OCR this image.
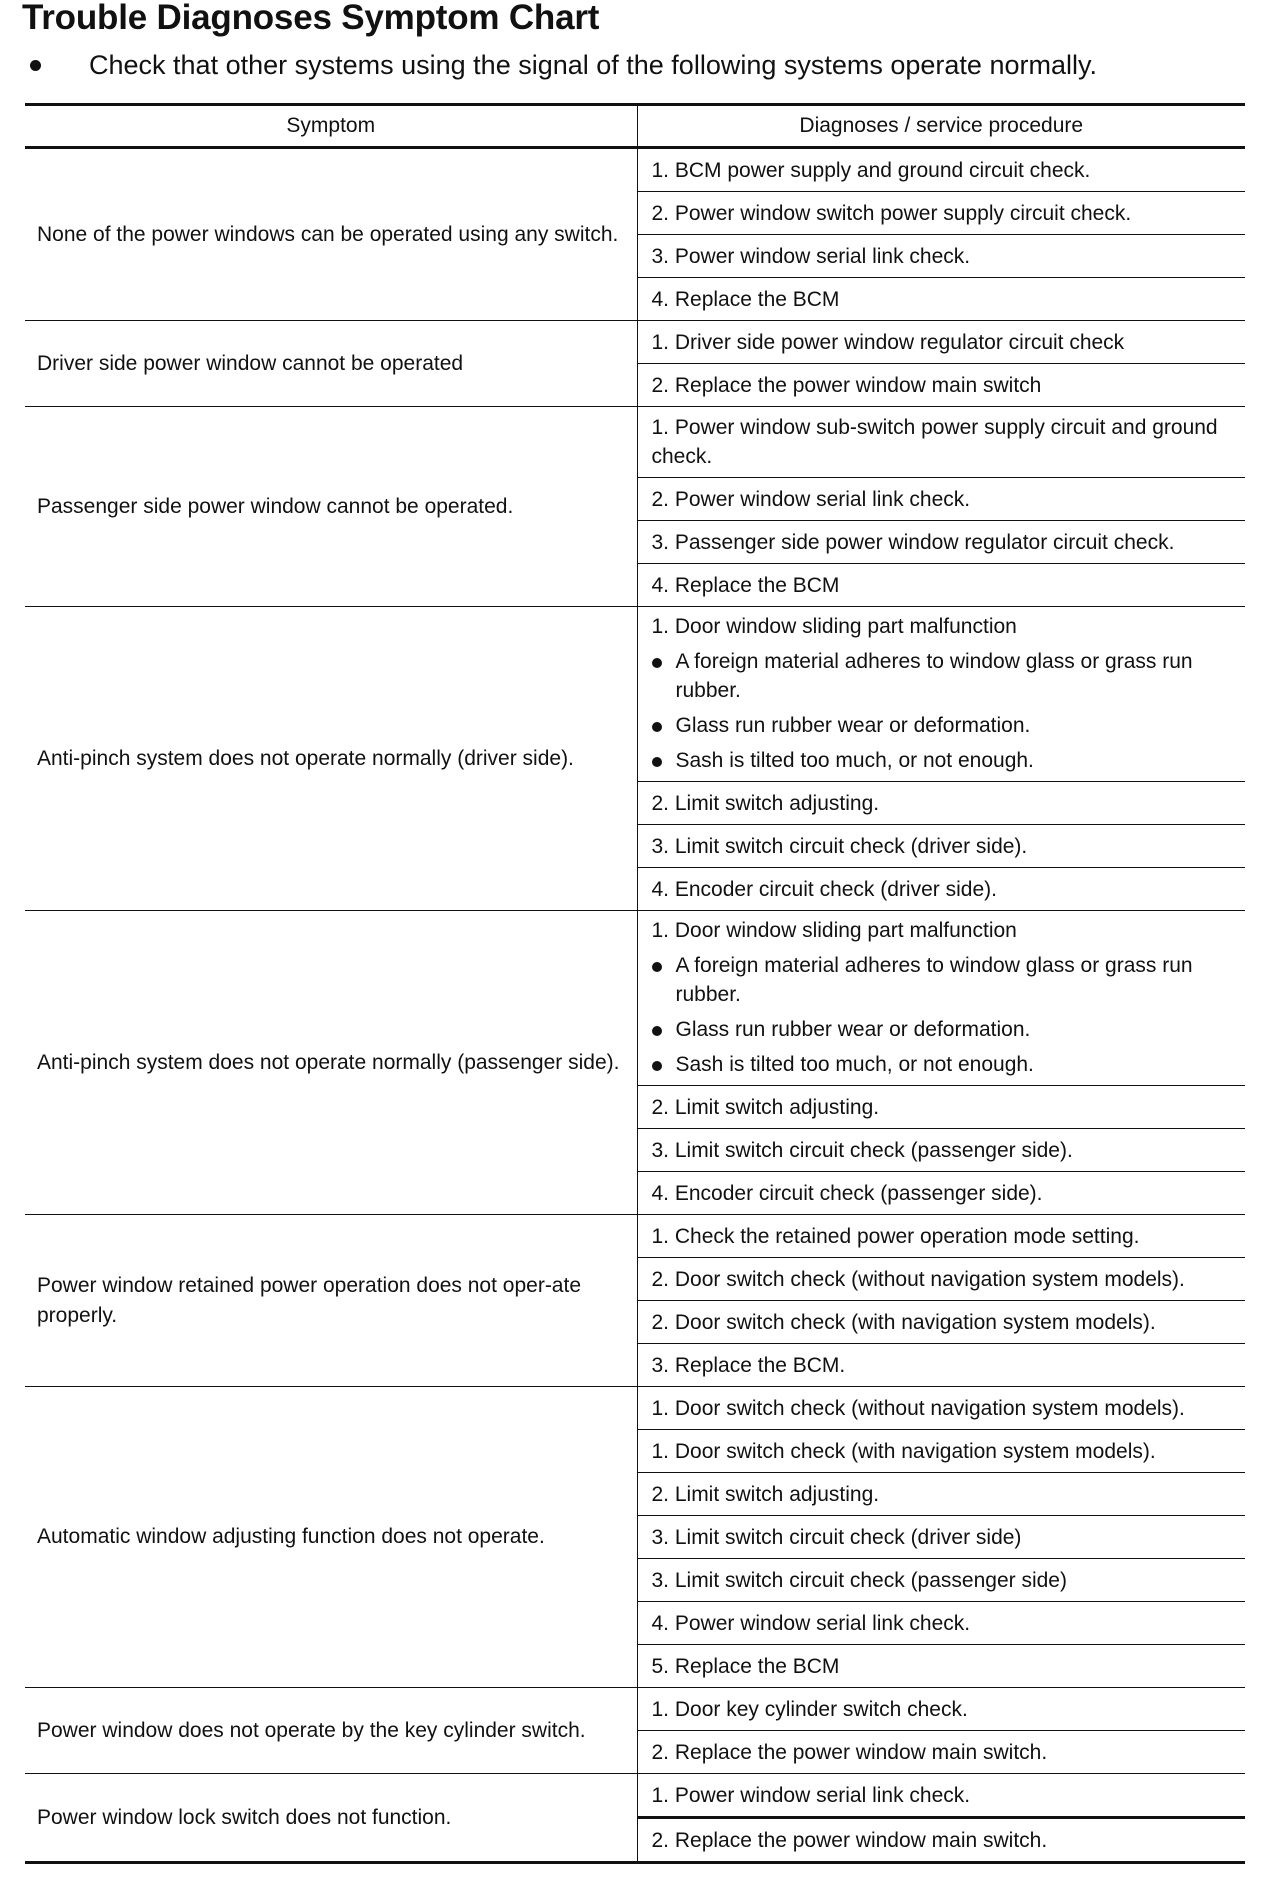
Trouble Diagnoses Symptom Chart
Check that other systems using the signal of the following systems operate normally.
Symptom	Diagnoses / service procedure
None of the power windows can be operated using any switch.	1. BCM power supply and ground circuit check.

	2. Power window switch power supply circuit check.

	3. Power window serial link check.

	4. Replace the BCM

Driver side power window cannot be operated	1. Driver side power window regulator circuit check

	2. Replace the power window main switch

Passenger side power window cannot be operated.	1. Power window sub-switch power supply circuit and ground check.

	2. Power window serial link check.

	3. Passenger side power window regulator circuit check.

	4. Replace the BCM

Anti-pinch system does not operate normally (driver side).	1. Door window sliding part malfunction
A foreign material adheres to window glass or grass run rubber.
Glass run rubber wear or deformation.
Sash is tilted too much, or not enough.

	2. Limit switch adjusting.

	3. Limit switch circuit check (driver side).

	4. Encoder circuit check (driver side).

Anti-pinch system does not operate normally (passenger side).	1. Door window sliding part malfunction
A foreign material adheres to window glass or grass run rubber.
Glass run rubber wear or deformation.
Sash is tilted too much, or not enough.

	2. Limit switch adjusting.

	3. Limit switch circuit check (passenger side).

	4. Encoder circuit check (passenger side).

Power window retained power operation does not oper-ate properly.	1. Check the retained power operation mode setting.

	2. Door switch check (without navigation system models).

	2. Door switch check (with navigation system models).

	3. Replace the BCM.

Automatic window adjusting function does not operate.	1. Door switch check (without navigation system models).

	1. Door switch check (with navigation system models).

	2. Limit switch adjusting.

	3. Limit switch circuit check (driver side)

	3. Limit switch circuit check (passenger side)

	4. Power window serial link check.

	5. Replace the BCM

Power window does not operate by the key cylinder switch.	1. Door key cylinder switch check.

	2. Replace the power window main switch.

Power window lock switch does not function.	1. Power window serial link check.

	2. Replace the power window main switch.
